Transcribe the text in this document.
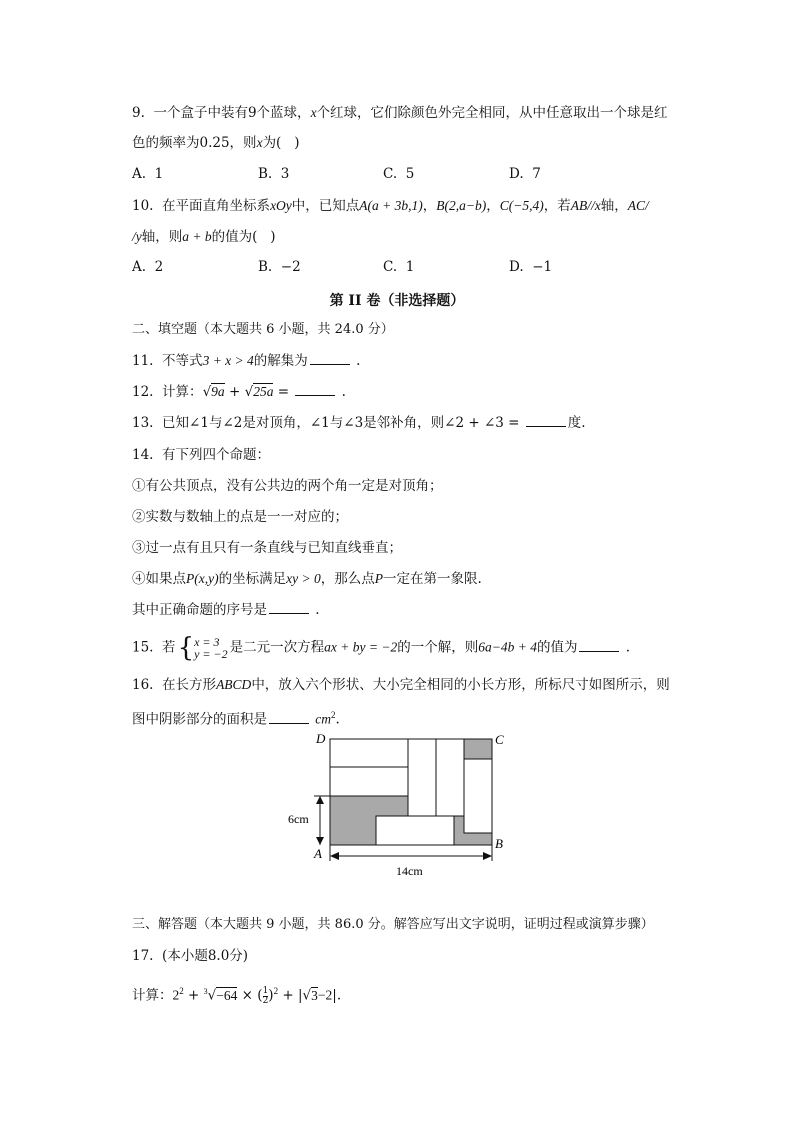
9.  一个盒子中装有9个蓝球，x个红球，它们除颜色外完全相同，从中任意取出一个球是红
色的频率为0.25，则x为(   )
A.  1	B.  3	C.  5	D.  7
10.  在平面直角坐标系xOy中，已知点A(a + 3b,1)，B(2,a−b)，C(−5,4)，若AB//x轴，AC/
/y轴，则a + b的值为(   )
A.  2	B.  −2	C.  1	D.  −1
第 II 卷（非选择题）
二、填空题（本大题共 6 小题，共 24.0 分）
11.  不等式3 + x > 4的解集为	.
12.  计算：√9a + √25a =	.
13.  已知∠1与∠2是对顶角，∠1与∠3是邻补角，则∠2 + ∠3 =	度.
14.  有下列四个命题：
①有公共顶点，没有公共边的两个角一定是对顶角；
②实数与数轴上的点是一一对应的；
③过一点有且只有一条直线与已知直线垂直；
④如果点P(x,y)的坐标满足xy > 0，那么点P一定在第一象限.
其中正确命题的序号是	.
15.  若{ x = 3
y = −2 是二元一次方程ax + by = −2的一个解，则6a−4b + 4的值为	.
16.  在长方形ABCD中，放入六个形状、大小完全相同的小长方形，所标尺寸如图所示，则
图中阴影部分的面积是	$cm^2$.
D	C
A
B
6cm
14cm
三、解答题（本大题共 9 小题，共 86.0 分。解答应写出文字说明，证明过程或演算步骤）
17.  (本小题8.0分)
计算：$2^2 + ^3√-64$ × ( $\frac{1}{2} )^2 + |√3-2|$.
